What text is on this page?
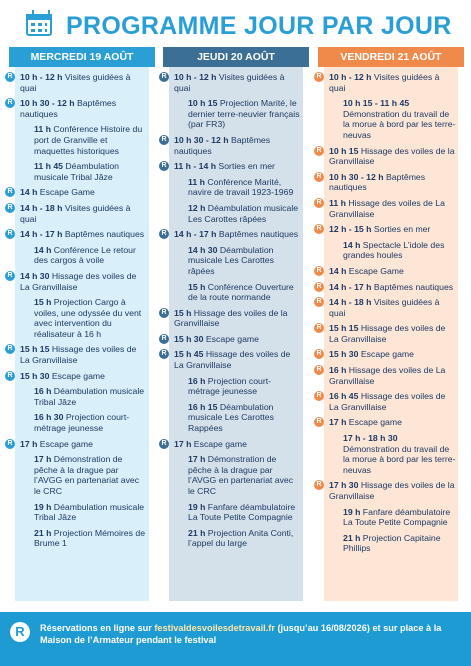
PROGRAMME JOUR PAR JOUR
MERCREDI 19 AOÛT
R 10 h - 12 h Visites guidées à quai
R 10 h 30 - 12 h Baptêmes nautiques
11 h Conférence Histoire du port de Granville et maquettes historiques
11 h 45 Déambulation musicale Tribal Jâze
R 14 h Escape Game
R 14 h - 18 h Visites guidées à quai
R 14 h - 17 h Baptêmes nautiques
14 h Conférence Le retour des cargos à voile
R 14 h 30 Hissage des voiles de La Granvillaise
15 h Projection Cargo à voiles, une odyssée du vent avec intervention du réalisateur à 16 h
R 15 h 15 Hissage des voiles de La Granvillaise
R 15 h 30 Escape game
16 h Déambulation musicale Tribal Jâze
16 h 30 Projection court-métrage jeunesse
R 17 h Escape game
17 h Démonstration de pêche à la drague par l’AVGG en partenariat avec le CRC
19 h Déambulation musicale Tribal Jâze
21 h Projection Mémoires de Brume 1
JEUDI 20 AOÛT
R 10 h - 12 h Visites guidées à quai
10 h 15 Projection Marité, le dernier terre-neuvier français (par FR3)
R 10 h 30 - 12 h Baptêmes nautiques
R 11 h - 14 h Sorties en mer
11 h Conférence Marité, navire de travail 1923-1969
12 h Déambulation musicale Les Carottes râpées
R 14 h - 17 h Baptêmes nautiques
14 h 30 Déambulation musicale Les Carottes râpées
15 h Conférence Ouverture de la route normande
R 15 h Hissage des voiles de la Granvillaise
R 15 h 30 Escape game
R 15 h 45 Hissage des voiles de La Granvillaise
16 h Projection court-métrage jeunesse
16 h 15 Déambulation musicale Les Carottes Rappées
R 17 h Escape game
17 h Démonstration de pêche à la drague par l’AVGG en partenariat avec le CRC
19 h Fanfare déambulatoire La Toute Petite Compagnie
21 h Projection Anita Conti, l’appel du large
VENDREDI 21 AOÛT
R 10 h - 12 h Visites guidées à quai
10 h 15 - 11 h 45 Démonstration du travail de la morue à bord par les terre-neuvas
R 10 h 15 Hissage des voiles de la Granvillaise
R 10 h 30 - 12 h Baptêmes nautiques
R 11 h Hissage des voiles de La Granvillaise
R 12 h - 15 h Sorties en mer
14 h Spectacle L’idole des grandes houles
R 14 h Escape Game
R 14 h - 17 h Baptêmes nautiques
R 14 h - 18 h Visites guidées à quai
R 15 h 15 Hissage des voiles de La Granvillaise
R 15 h 30 Escape game
R 16 h Hissage des voiles de La Granvillaise
R 16 h 45 Hissage des voiles de La Granvillaise
R 17 h Escape game
17 h - 18 h 30 Démonstration du travail de la morue à bord par les terre-neuvas
R 17 h 30 Hissage des voiles de la Granvillaise
19 h Fanfare déambulatoire La Toute Petite Compagnie
21 h Projection Capitaine Phillips
R	Réservations en ligne sur festivaldesvoilesdetravail.fr (jusqu’au 16/08/2026) et sur place à la Maison de l’Armateur pendant le festival
